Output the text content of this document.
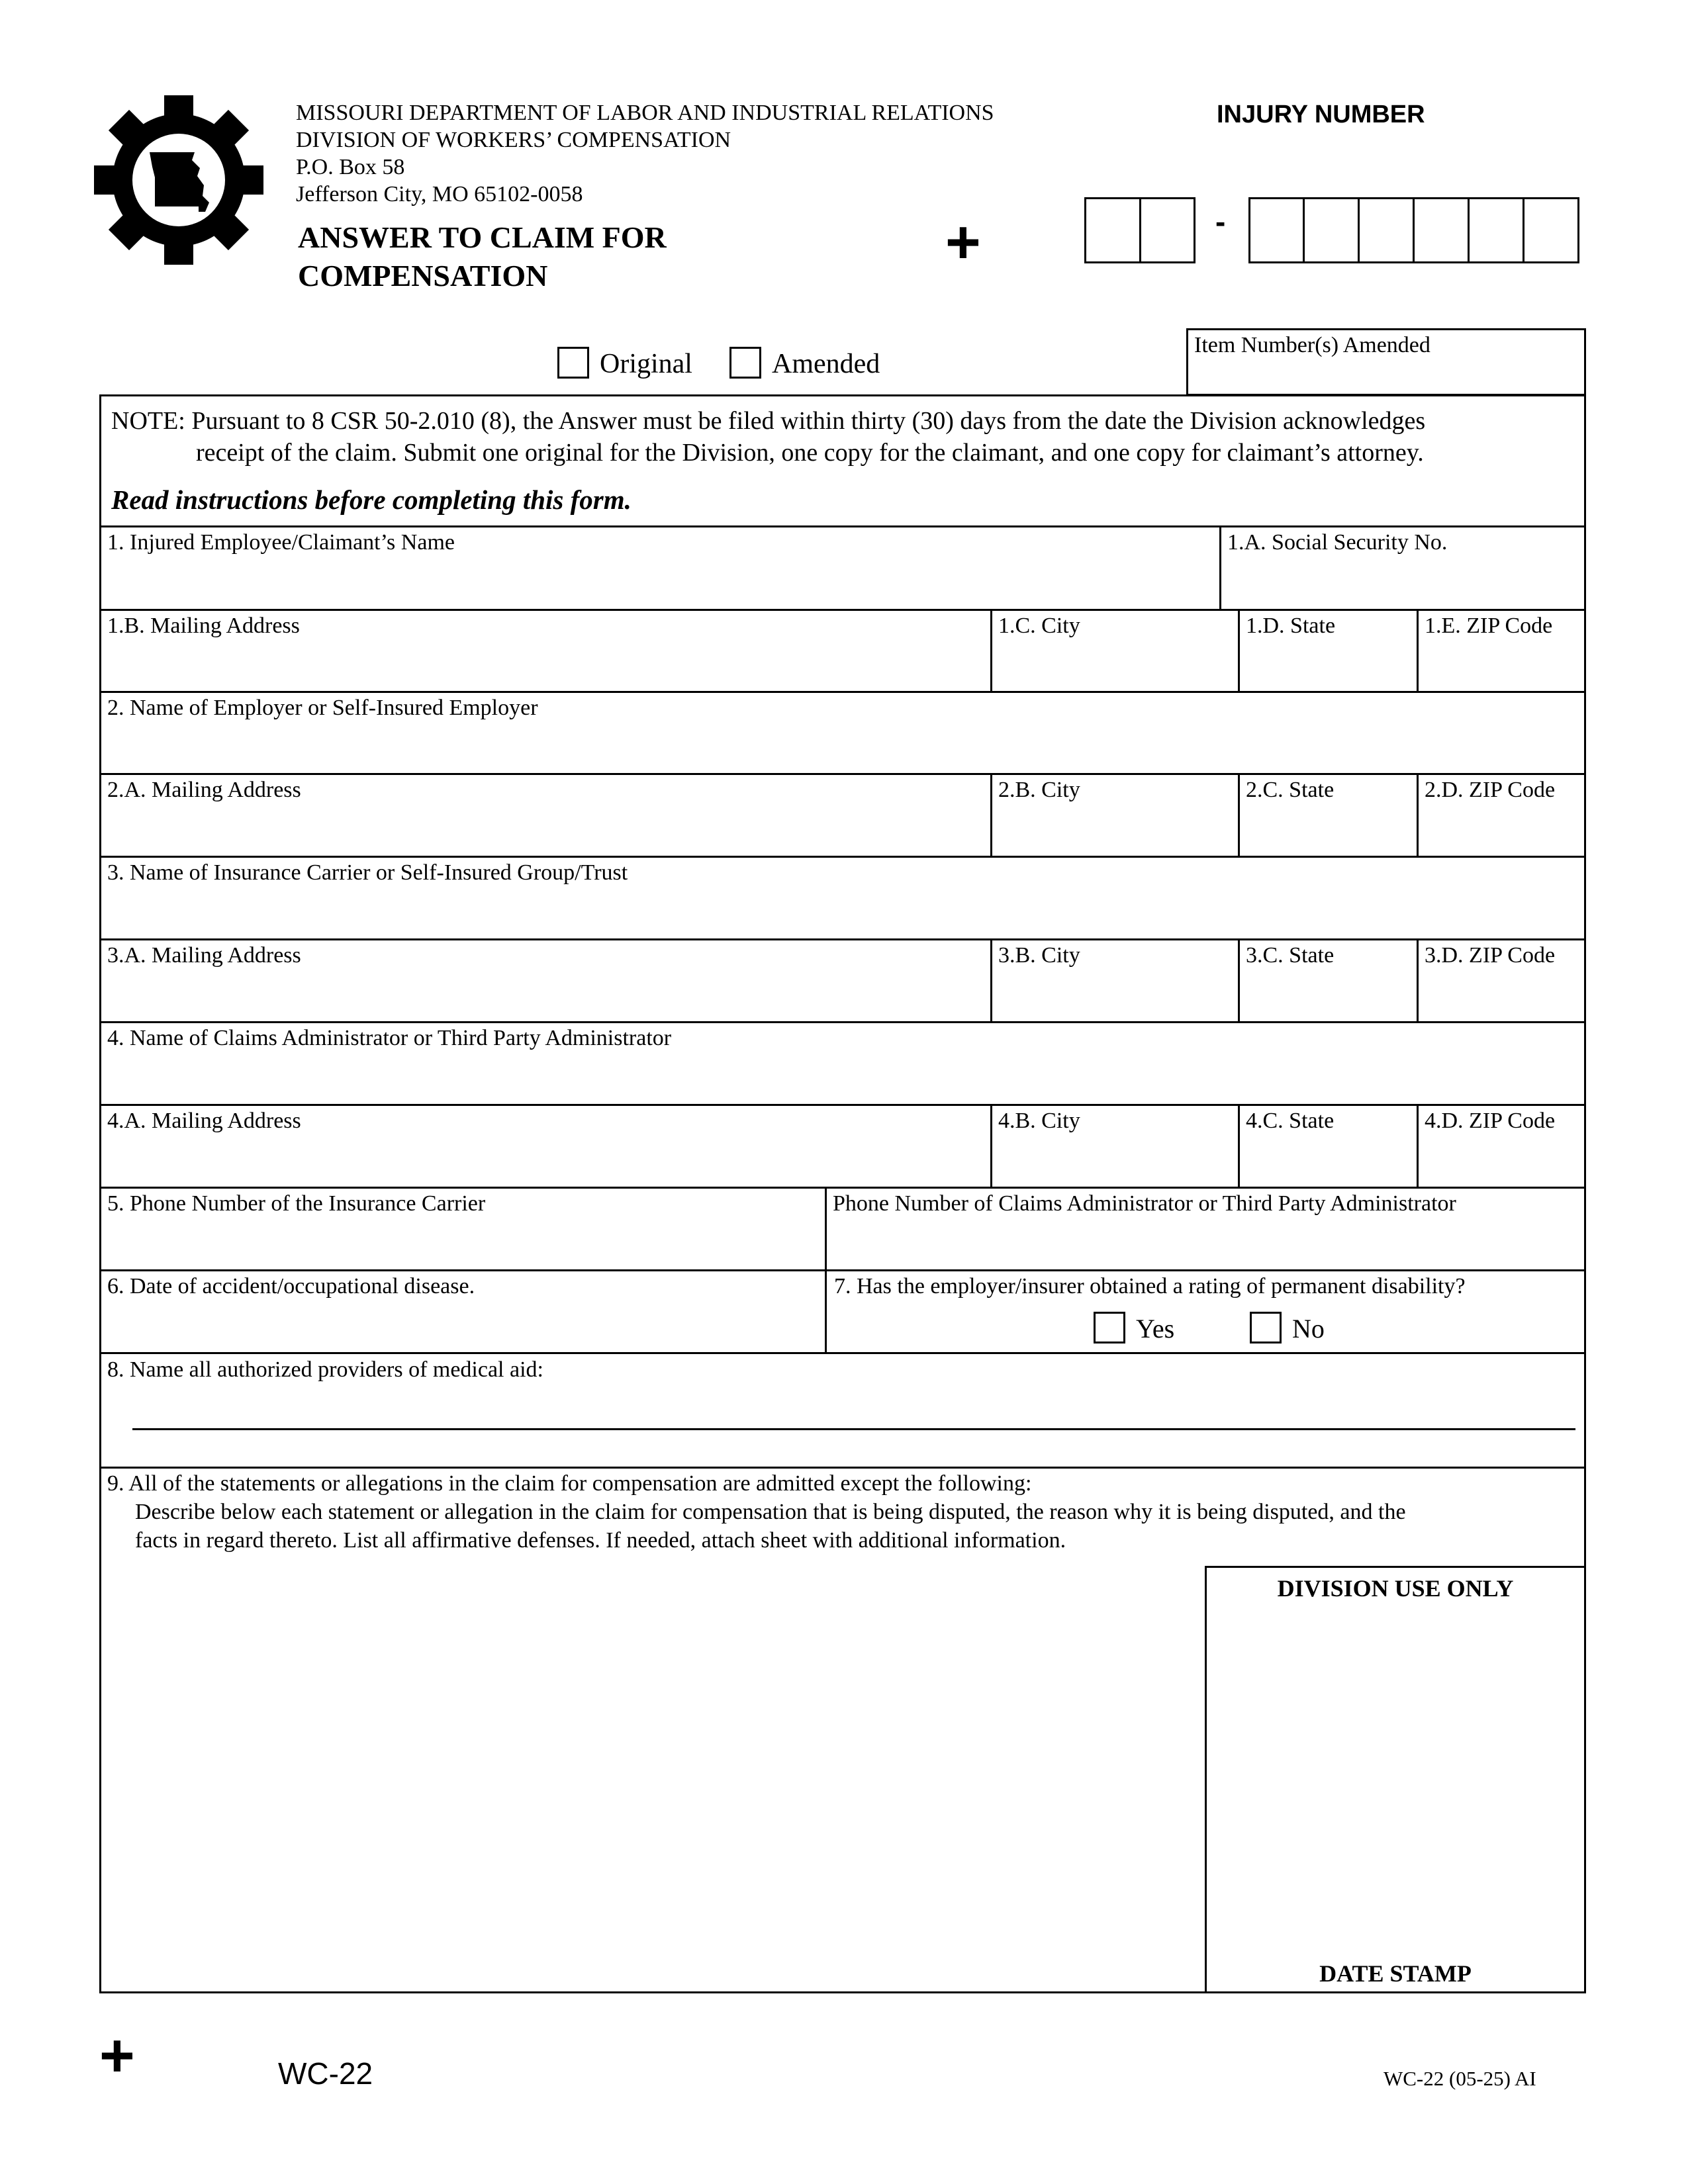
MISSOURI DEPARTMENT OF LABOR AND INDUSTRIAL RELATIONS
DIVISION OF WORKERS’ COMPENSATION
P.O. Box 58
Jefferson City, MO 65102-0058
ANSWER TO CLAIM FOR
COMPENSATION	+
INJURY NUMBER
-
Original	Amended
Item Number(s) Amended
NOTE: Pursuant to 8 CSR 50-2.010 (8), the Answer must be filed within thirty (30) days from the date the Division acknowledges
receipt of the claim. Submit one original for the Division, one copy for the claimant, and one copy for claimant’s attorney.
Read instructions before completing this form.
1. Injured Employee/Claimant’s Name	1.A. Social Security No.
1.B. Mailing Address	1.C. City	1.D. State	1.E. ZIP Code
2. Name of Employer or Self-Insured Employer
2.A. Mailing Address	2.B. City	2.C. State	2.D. ZIP Code
3. Name of Insurance Carrier or Self-Insured Group/Trust
3.A. Mailing Address	3.B. City	3.C. State	3.D. ZIP Code
4. Name of Claims Administrator or Third Party Administrator
4.A. Mailing Address	4.B. City	4.C. State	4.D. ZIP Code
5. Phone Number of the Insurance Carrier	Phone Number of Claims Administrator or Third Party Administrator
6. Date of accident/occupational disease.	7. Has the employer/insurer obtained a rating of permanent disability?
Yes	No
8. Name all authorized providers of medical aid:
9. All of the statements or allegations in the claim for compensation are admitted except the following:
Describe below each statement or allegation in the claim for compensation that is being disputed, the reason why it is being disputed, and the
facts in regard thereto. List all affirmative defenses. If needed, attach sheet with additional information.
DIVISION USE ONLY
DATE STAMP
+	WC-22	WC-22 (05-25) AI
